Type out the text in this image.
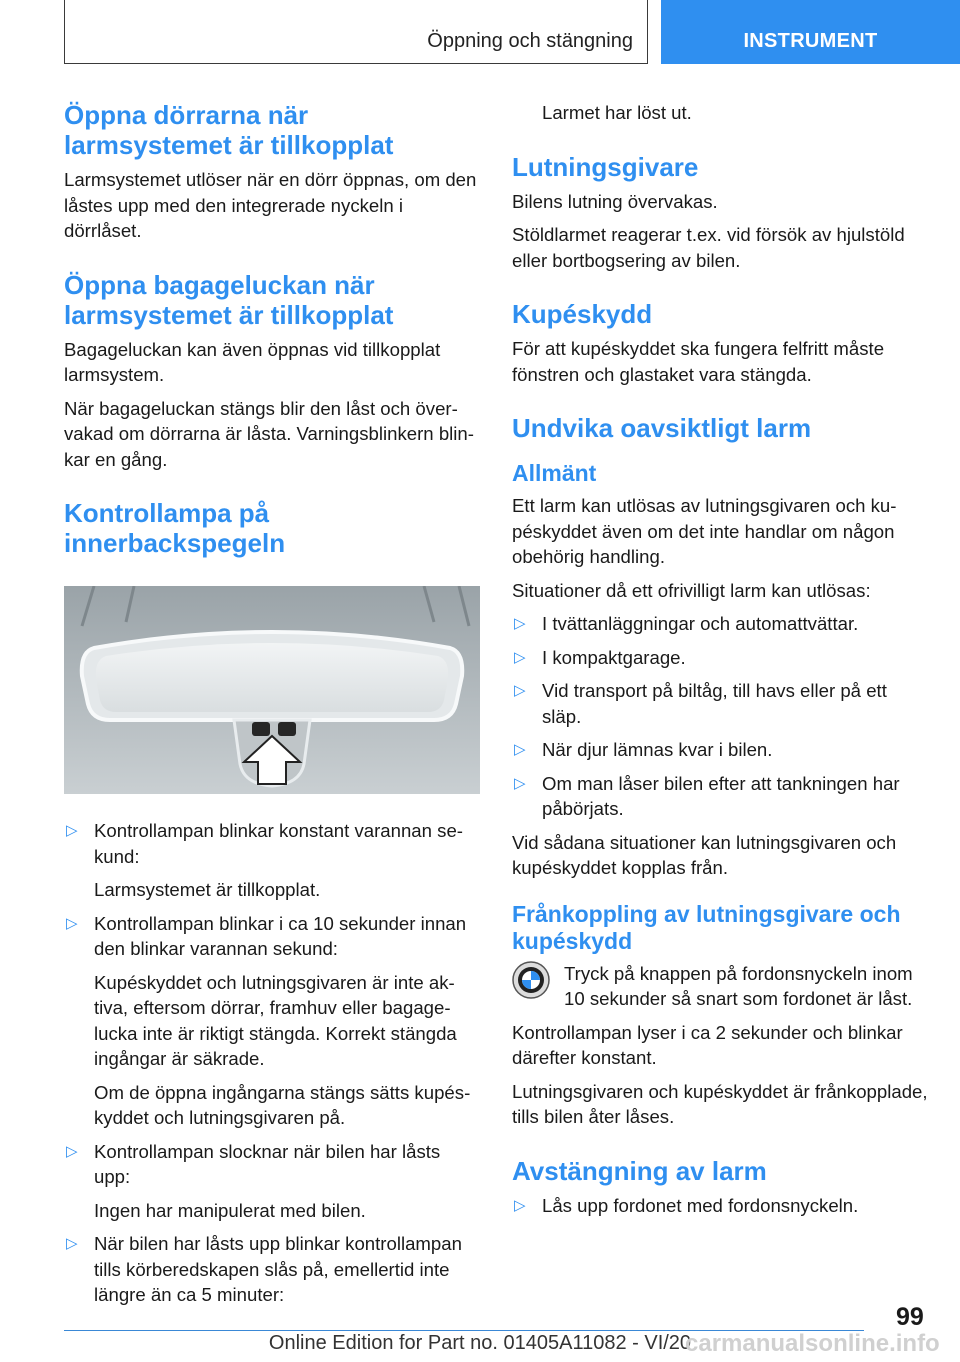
Öppning och stängning	INSTRUMENT
Öppna dörrarna när larmsystemet är tillkopplat

Larmsystemet utlöser när en dörr öppnas, om den låstes upp med den integrerade nyckeln i dörrlåset.

Öppna bagageluckan när larmsystemet är tillkopplat

Bagageluckan kan även öppnas vid tillkopplat larmsystem.

När bagageluckan stängs blir den låst och övervakad om dörrarna är låsta. Varningsblinkern blinkar en gång.

Kontrollampa på innerbackspegeln
▷ Kontrollampan blinkar konstant varannan sekund:

Larmsystemet är tillkopplat.

▷ Kontrollampan blinkar i ca 10 sekunder innan den blinkar varannan sekund:

Kupéskyddet och lutningsgivaren är inte aktiva, eftersom dörrar, framhuv eller bagagelucka inte är riktigt stängda. Korrekt stängda ingångar är säkrade.

Om de öppna ingångarna stängs sätts kupéskyddet och lutningsgivaren på.

▷ Kontrollampan slocknar när bilen har låsts upp:

Ingen har manipulerat med bilen.

▷ När bilen har låsts upp blinkar kontrollampan tills körberedskapen slås på, emellertid inte längre än ca 5 minuter:

Larmet har löst ut.

Lutningsgivare

Bilens lutning övervakas.

Stöldlarmet reagerar t.ex. vid försök av hjulstöld eller bortbogsering av bilen.

Kupéskydd

För att kupéskyddet ska fungera felfritt måste fönstren och glastaket vara stängda.

Undvika oavsiktligt larm
Allmänt

Ett larm kan utlösas av lutningsgivaren och kupéskyddet även om det inte handlar om någon obehörig handling.

Situationer då ett ofrivilligt larm kan utlösas:

▷ I tvättanläggningar och automattvättar.
▷ I kompaktgarage.
▷ Vid transport på biltåg, till havs eller på ett släp.
▷ När djur lämnas kvar i bilen.
▷ Om man låser bilen efter att tankningen har påbörjats.

Vid sådana situationer kan lutningsgivaren och kupéskyddet kopplas från.

Frånkoppling av lutningsgivare och kupéskydd

Tryck på knappen på fordonsnyckeln inom 10 sekunder så snart som fordonet är låst.

Kontrollampan lyser i ca 2 sekunder och blinkar därefter konstant.

Lutningsgivaren och kupéskyddet är frånkopplade, tills bilen åter låses.

Avstängning av larm
▷ Lås upp fordonet med fordonsnyckeln.
99
Online Edition for Part no. 01405A11082 - VI/20
carmanualsonline.info
